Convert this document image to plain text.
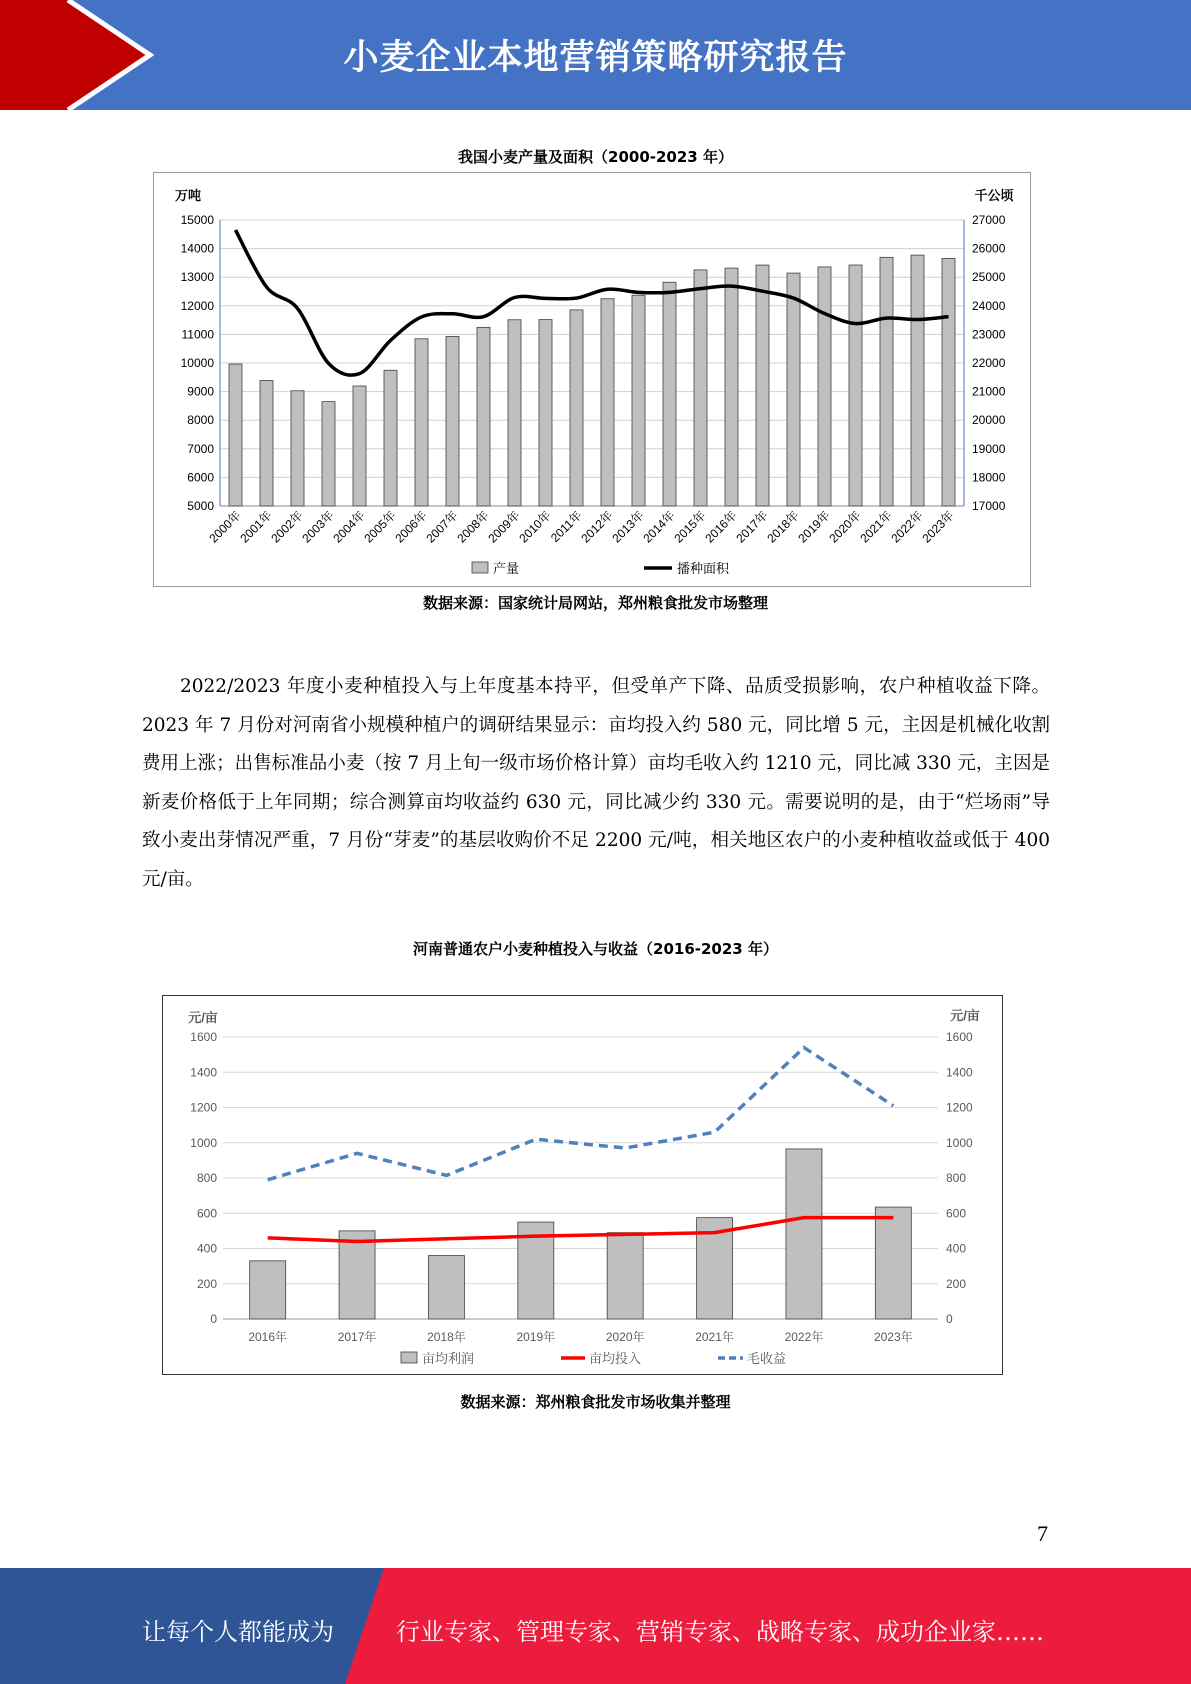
小麦企业本地营销策略研究报告
我国小麦产量及面积（2000-2023 年）
5000
6000
7000
8000
9000
10000
11000
12000
13000
14000
15000
17000
18000
19000
20000
21000
22000
23000
24000
25000
26000
27000
万吨	千公顷
2000年
2001年
2002年
2003年
2004年
2005年
2006年
2007年
2008年
2009年
2010年
2011年
2012年
2013年
2014年
2015年
2016年
2017年
2018年
2019年
2020年
2021年
2022年
2023年
产量	播种面积
数据来源：国家统计局网站，郑州粮食批发市场整理
2022/2023 年度小麦种植投入与上年度基本持平，但受单产下降、品质受损影响，农户种植收益下降。2023 年 7 月份对河南省小规模种植户的调研结果显示：亩均投入约 580 元，同比增 5 元，主因是机械化收割费用上涨；出售标准品小麦（按 7 月上旬一级市场价格计算）亩均毛收入约 1210 元，同比减 330 元，主因是新麦价格低于上年同期；综合测算亩均收益约 630 元，同比减少约 330 元。需要说明的是，由于“烂场雨”导致小麦出芽情况严重，7 月份“芽麦”的基层收购价不足 2200 元/吨，相关地区农户的小麦种植收益或低于 400 元/亩。
河南普通农户小麦种植投入与收益（2016-2023 年）
0	0
200	200
400	400
600	600
800	800
1000	1000
1200	1200
1400	1400
1600	1600
元/亩	元/亩
2016年	2017年	2018年	2019年	2020年	2021年	2022年	2023年
亩均利润	亩均投入	毛收益
数据来源：郑州粮食批发市场收集并整理
7
让每个人都能成为	行业专家、管理专家、营销专家、战略专家、成功企业家……
